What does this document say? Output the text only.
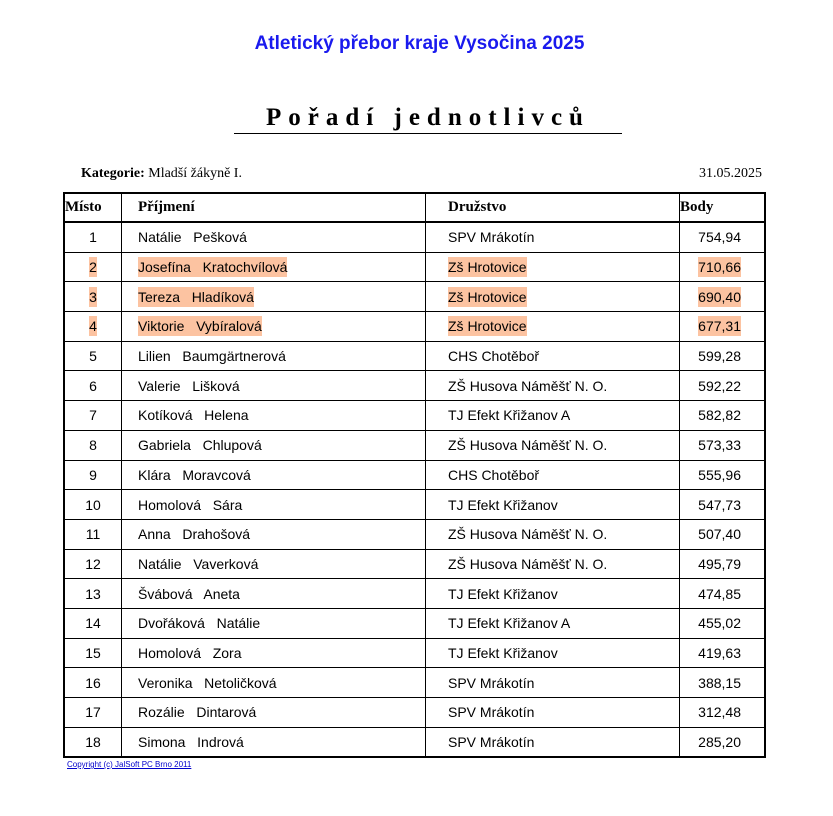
Atletický přebor kraje Vysočina 2025
Pořadí jednotlivců
Kategorie: Mladší žákyně I.	31.05.2025
Místo	Příjmení	Družstvo	Body
1	Natálie   Pešková	SPV Mrákotín	754,94
2	Josefína   Kratochvílová	Zš Hrotovice	710,66
3	Tereza   Hladíková	Zš Hrotovice	690,40
4	Viktorie   Vybíralová	Zš Hrotovice	677,31
5	Lilien   Baumgärtnerová	CHS Chotěboř	599,28
6	Valerie   Lišková	ZŠ Husova Náměšť N. O.	592,22
7	Kotíková   Helena	TJ Efekt Křižanov A	582,82
8	Gabriela   Chlupová	ZŠ Husova Náměšť N. O.	573,33
9	Klára   Moravcová	CHS Chotěboř	555,96
10	Homolová   Sára	TJ Efekt Křižanov	547,73
11	Anna   Drahošová	ZŠ Husova Náměšť N. O.	507,40
12	Natálie   Vaverková	ZŠ Husova Náměšť N. O.	495,79
13	Švábová   Aneta	TJ Efekt Křižanov	474,85
14	Dvořáková   Natálie	TJ Efekt Křižanov A	455,02
15	Homolová   Zora	TJ Efekt Křižanov	419,63
16	Veronika   Netoličková	SPV Mrákotín	388,15
17	Rozálie   Dintarová	SPV Mrákotín	312,48
18	Simona   Indrová	SPV Mrákotín	285,20
Copyright (c) JalSoft PC Brno 2011
